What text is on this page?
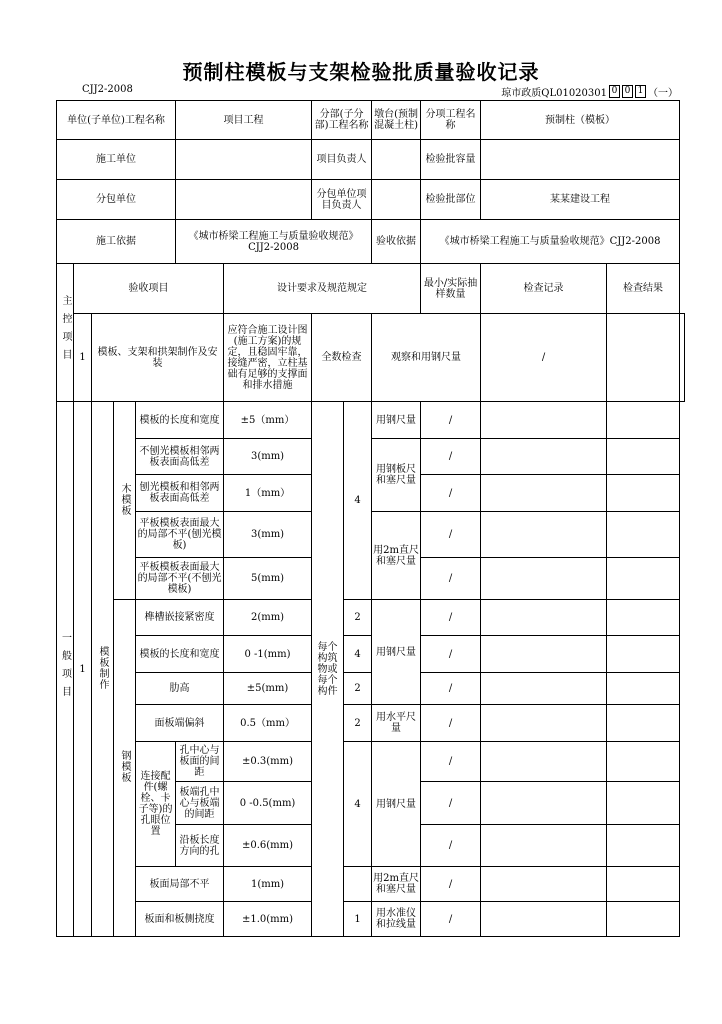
预制柱模板与支架检验批质量验收记录
CJJ2-2008	琼市政质QL01020301 0 0 1 （一）
单位(子单位)工程名称					项目工程		分部(子分部)工程名称		墩台(预制混凝土柱)	分项工程名称	预制柱（模板）		
施工单位							项目负责人			检验批容量			
分包单位							分包单位项目负责人			检验批部位	某某建设工程		
施工依据					《城市桥梁工程施工与质量验收规范》CJJ2-2008				验收依据	《城市桥梁工程施工与质量验收规范》CJJ2-2008			
主控项目	验收项目					设计要求及规范规定				最小/实际抽样数量	检查记录	检查结果	
	1	模板、支架和拱架制作及安装				应符合施工设计图(施工方案)的规定，且稳固牢靠，接缝严密，立柱基础有足够的支撑面和排水措施	全数检查		观察和用钢尺量		/		
一般项目	1	模板制作	木模板	模板的长度和宽度		±5（mm）	每个构筑物或每个构件	4	用钢尺量	/			
				不刨光模板相邻两板表面高低差		3(mm)			用钢板尺和塞尺量	/			
				刨光模板和相邻两板表面高低差		1（mm）				/			
				平板模板表面最大的局部不平(刨光模板)		3(mm)			用2m直尺和塞尺量	/			
				平板模板表面最大的局部不平(不刨光模板)		5(mm)				/			
			钢模板	榫槽嵌接紧密度		2(mm)		2	用钢尺量	/			
				模板的长度和宽度		0 -1(mm)		4		/			
				肋高		±5(mm)		2		/			
				面板端偏斜		0.5（mm）		2	用水平尺量	/			
				连接配件(螺栓、卡子等)的孔眼位置	孔中心与板面的间距	±0.3(mm)		4	用钢尺量	/			
					板端孔中心与板端的间距	0 -0.5(mm)				/			
					沿板长度方向的孔	±0.6(mm)				/			
				板面局部不平		1(mm)			用2m直尺和塞尺量	/			
				板面和板侧挠度		±1.0(mm)		1	用水准仪和拉线量	/			
